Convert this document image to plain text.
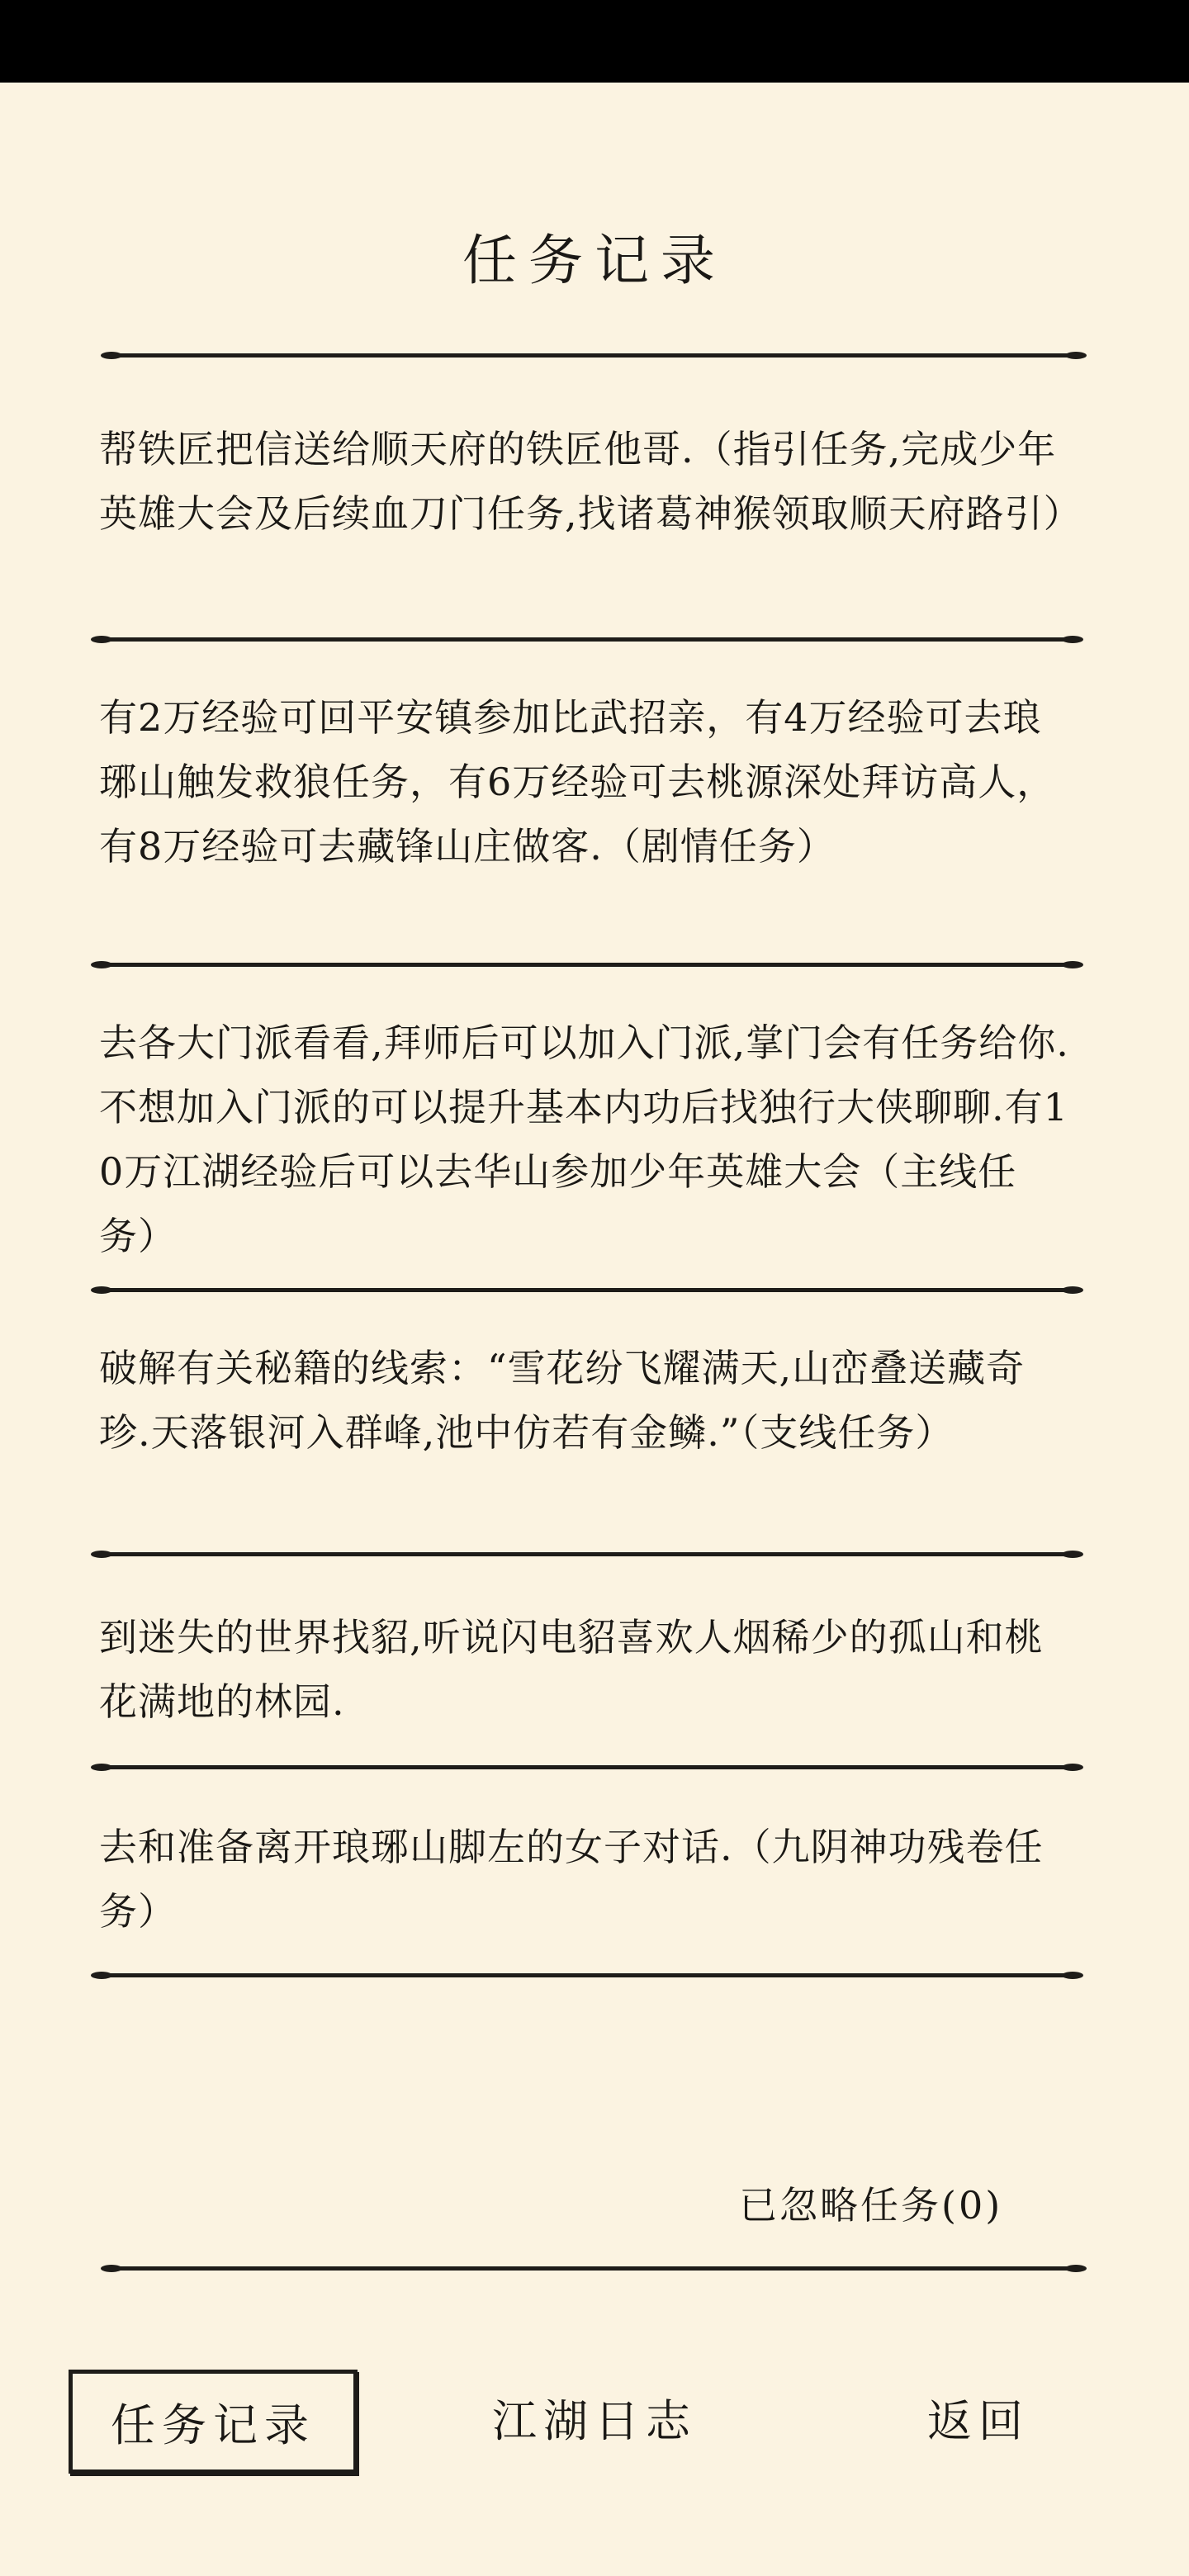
任务记录
帮铁匠把信送给顺天府的铁匠他哥.（指引任务,完成少年英雄大会及后续血刀门任务,找诸葛神猴领取顺天府路引）
有2万经验可回平安镇参加比武招亲，有4万经验可去琅琊山触发救狼任务，有6万经验可去桃源深处拜访高人，有8万经验可去藏锋山庄做客.（剧情任务）
去各大门派看看,拜师后可以加入门派,掌门会有任务给你.不想加入门派的可以提升基本内功后找独行大侠聊聊.有10万江湖经验后可以去华山参加少年英雄大会（主线任务）
破解有关秘籍的线索：“雪花纷飞耀满天,山峦叠送藏奇珍.天落银河入群峰,池中仿若有金鳞.”（支线任务）
到迷失的世界找貂,听说闪电貂喜欢人烟稀少的孤山和桃花满地的林园.
去和准备离开琅琊山脚左的女子对话.（九阴神功残卷任务）
已忽略任务(0)
任务记录	江湖日志	返回
